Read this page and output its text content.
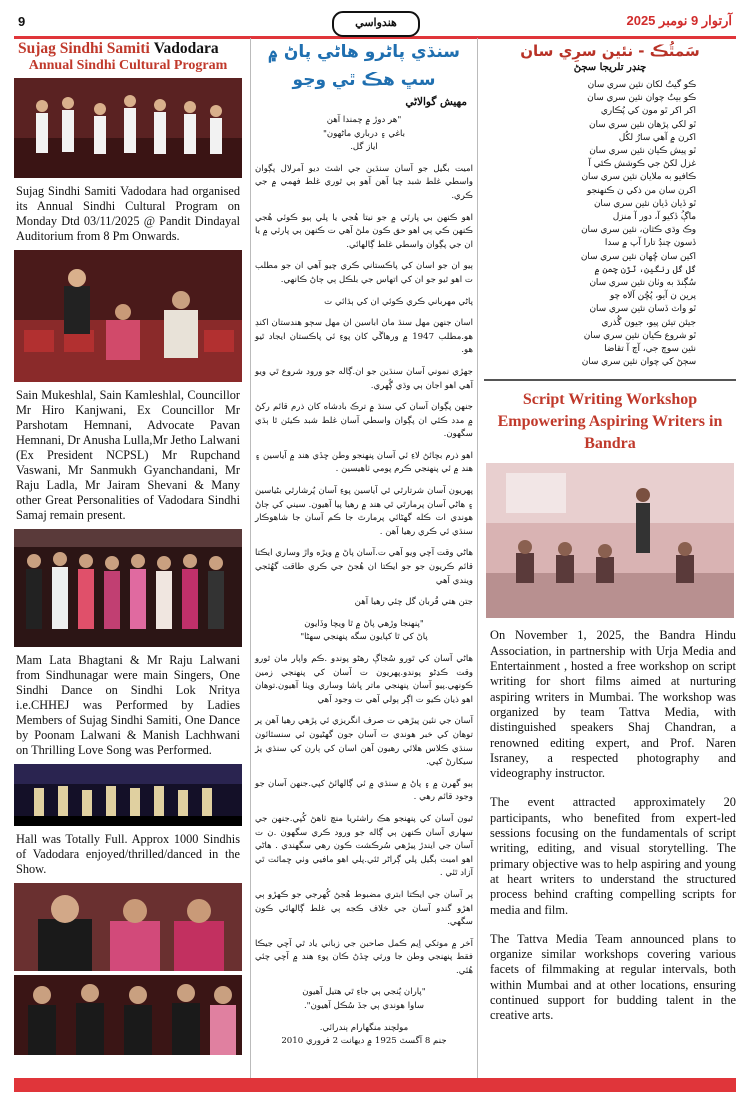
9	هندواسي	آرتوار 9 نومبر 2025
Sujag Sindhi Samiti Vadodara
Annual Sindhi Cultural Program
Sujag Sindhi Samiti Vadodara had organised its Annual Sindhi Cultural Program on Monday Dtd 03/11/2025 @ Pandit Dindayal Auditorium from 8 Pm Onwards.
Sain Mukeshlal, Sain Kamleshlal, Councillor Mr Hiro Kanjwani, Ex Councillor Mr Parshotam Hemnani, Advocate Pavan Hemnani, Dr Anusha Lulla,Mr Jetho Lalwani (Ex President NCPSL) Mr Rupchand Vaswani, Mr Sanmukh Gyanchandani, Mr Raju Ladla, Mr Jairam Shevani & Many other Great Personalities of Vadodara Sindhi Samaj remain present.
Mam Lata Bhagtani & Mr Raju Lalwani from Sindhunagar were main Singers, One Sindhi Dance on Sindhi Lok Nritya i.e.CHHEJ was Performed by Ladies Members of Sujag Sindhi Samiti, One Dance by Poonam Lalwani & Manish Lachhwani on Thrilling Love Song was Performed.
Hall was Totally Full. Approx 1000 Sindhis of Vadodara enjoyed/thrilled/danced in the Show.
سنڌي پاڻرو هاڻي پاڻ ۾
سڀ هڪ ٿي وڃو
مهيش گوالاڻي

"هر دوڙ ۾ چمندا آهن
باغي ۽ درباري ماڻهون"
اياز گل.

اميت بگيل جو آسان سنڌين جي اشٽ ديو آمرلال پڳوان واسطي غلط شبد چيا آهن آهو ٻي ٿوري غلط فهمي ۾ جي ڪري.

اهو ڪنهن بي پارٽي ۾ جو نيتا هُجي يا پلي ٻيو ڪوئي هُجي ڪنهن ڪي ٻي اهو حق ڪون ملڻ آهي ت ڪنهن ٻي پارٽي ۾ يا ان جي پڳوان واسطي غلط ڳالهائي.

ٻيو ان جو اسان کي پاڪستاني ڪري چيو آهي ان جو مطلب ت اهو ٿيو جو ان کي اتهاس جي بلڪل ٻي ڄاڻ ڪانهي.

پاڻي مهرباني ڪري ڪوئي ان کي ٻڌائي ت

اسان جنهن مهل سنڌ مان اباسين ان مهل سڄو هندستان اکنڊ هو.مطلب 1947 ۾ ورهاڱي کان پوءِ ئي پاڪستان ايجاد ٿيو هو.

جهڙي نموني آسان سنڌين جو ان.ڳاله جو ورود شروع ٿي ويو آهي اهو اجان ٻي وڌي ڳُهري.

جنهن پڳوان آسان کي سنڌ ۾ ترڪ بادشاه کان ذرم قائم رکڻ ۾ مدد ڪئي ان پڳوان واسطي آسان غلط شبد ڪيئن ٿا ٻڌي سگهون.

اهو ذرم بچائڻ لاءِ ئي آسان پنهنجو وطن ڇڏي هند ۾ آياسين ۽ هند ۾ ئي پنهنجي ڪرم پومي ٺاهيسين .

پهريون آسان شرتارٿي ٿي آياسين پوءِ آسان پُرشارٿي بڻياسين ۽ هاڻي آسان پرمارٿي ٿي هند ۾ رهيا پيا آهيون. سيني کي ڄاڻ هوندي ات ڪله گهڻائي پرمارٿ جا ڪم آسان جا شاهوڪار سنڌي ئي ڪري رهيا آهن .

هاڻي وقت آچي ويو آهي ت.آسان پاڻ ۾ ويڙه واڙ وساري ايڪتا قائم ڪريون جو جو ايڪتا ان هُجڻ جي ڪري طاقت گهُٽجي ويندي آهي

جتن هتي قُربان گل چئي رهيا آهن

"پنهنجا وڙهي پاڻ ۾ ٿا ويچا وڏايون
پاڻ کي ٿا کپايون سگه پنهنجي سهڻا"

هاڻي آسان کي ٿورو سُجاڳ رهڻو پوندو .ڪم واپار مان ٿورو وقت ڪڍڻو پوندو.پهريون ت آسان کي پنهنجي زمين ڪونهي.پيو آسان پنهنجي ماتر ڀاشا وساري ويٺا آهيون.توهان اهو ذيان ڪيو ت اڳر ٻولي آهي ت وجود آهي

آسان جي نئين پيڙهي ت صرف انگريزي ئي پڙهي رهيا آهن پر توهان کي خبر هوندي ت آسان جون گهڻيون ئي سنسٿائون سنڌي ڪلاس هلائي رهيون آهن اسان کي ٻارن کي سنڌي پڙ سيکارڻ کپي.

ٻيو گهرن ۾ ۽ پاڻ ۾ سنڌي ۾ ئي ڳالهائڻ کپي.جنهن آسان جو وجود قائم رهي .

ٿيون آسان کي پنهنجو هڪ راشٽريا منچ ٺاهڻ کُپي.جنهن جي سهاري آسان ڪنهن ٻي ڳاله جو ورود ڪري سگهون .ن ت آسان جي ايندڙ پيڙهي سُرڪشت ڪون رهي سگهندي . هاڻي اهو اميت ٻگيل پلي ڳراڻر ٿئي.پلي اهو مافيي وٺي ڇمائت ٿي آزاد ٿئي .

پر آسان جي ايڪتا ابتري مضبوط هُجڻ کُهرجي جو ڪهڙو ٻي اهڙو گندو آسان جي خلاف ڪجه ٻي غلط ڳالهائي ڪون سگهي.

آخر ۾ موتکي اِيم ڪمل صاحبن جي زباني ياد ٿي آچي جيڪا فقط پنهنجي وطن جا ورثي ڇڏڻ ڪان پوءِ هند ۾ آچي چئي هُئي.

"پاران ٻُنجي ٻي جاءِ ٿي هتيل آهيون
ساوا هوندي ٻي جڏ سُڪل آهيون".

مولچند منگهارام ٻندرائي.
جنم 8 آگسٽ 1925 ۾ ديهانت 2 فروري 2010

سَمٿُڪ - نئين سرِي سان
چنڊر تلريجا سڄڻ
ڪو گيتُ لکان نئين سري سان
ڪو بيتُ چوان نئين سري سان
اکر اکر ٿو مون کي پُڪاري
ٿو لکي پڙهان نئين سري سان
اکرن ۾ آهي سارُ لکُل
ٿو پيش ڪيان نئين سري سان
غزل لکڻ جي ڪوشش ڪئي آ
ڪافيو به ملايان نئين سري سان
اکرن سان من ذکي ن ڪنهنجو
ٿو ڏيان ڏيان نئين سري سان
ماڳُ ڏکيو آ، دور آ منزل
وڪ وڌي ڪثان، نئين سري سان
ڏسون چنڊُ تارا آپ ۾ سدا
اکين سان ڇُهان نئين سري سان
گل گل رنگين، ٽڙن چمن ۾
سُڳنڌ به وٺان نئين سري سان
پرين ن آيو، پُڇُن آلاه چو
ٿو واٽ ڏسان نئين سري سان
جيئن تيئن پيو، جيون گُذري
ٿو شروع ڪيان نئين سري سان
نئين سوچ جي، آچ آ تقاضا
سڄڻ کي چوان نئين سري سان
Script Writing Workshop Empowering Aspiring Writers in Bandra

On November 1, 2025, the Bandra Hindu Association, in partnership with Urja Media and Entertainment , hosted a free workshop on script writing for short films aimed at nurturing aspiring writers in Mumbai. The workshop was organized by team Tattva Media, with distinguished speakers Shaj Chandran, a renowned editing expert, and Prof. Naren Israney, a respected photography and videography instructor.

The event attracted approximately 20 participants, who benefited from expert-led sessions focusing on the fundamentals of script writing, editing, and visual storytelling. The primary objective was to help aspiring and young at heart writers to understand the structured process behind crafting compelling scripts for media and film.

The Tattva Media Team announced plans to organize similar workshops covering various facets of filmmaking at regular intervals, both within Mumbai and at other locations, ensuring continued support for budding talent in the creative arts.
